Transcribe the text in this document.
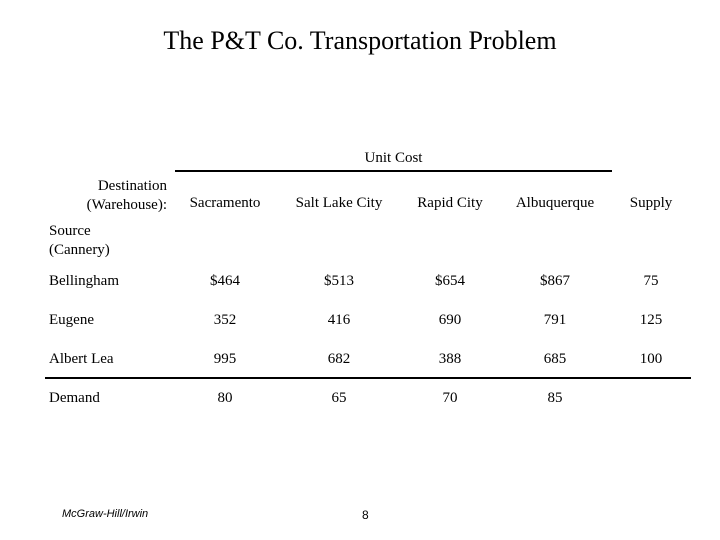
The P&T Co. Transportation Problem
Unit Cost
Destination
(Warehouse):
Source
(Cannery)
Sacramento	Salt Lake City	Rapid City	Albuquerque	Supply
Bellingham	$464	$513	$654	$867	75
Eugene	352	416	690	791	125
Albert Lea	995	682	388	685	100
Demand	80	65	70	85
McGraw-Hill/Irwin	8
